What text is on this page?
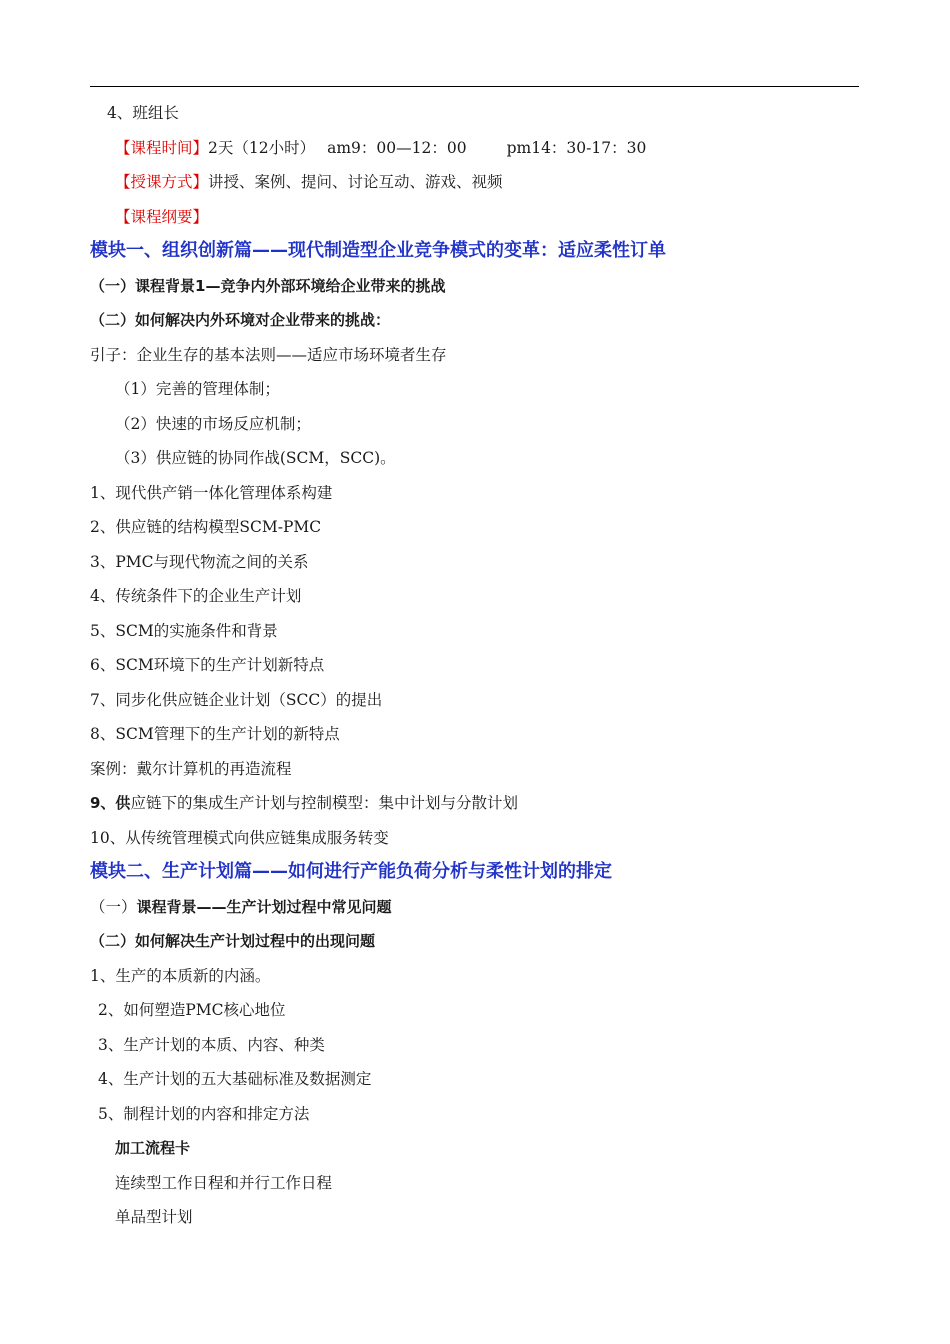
4、班组长
【课程时间】2天（12小时） am9：00—12：00	pm14：30-17：30
【授课方式】讲授、案例、提问、讨论互动、游戏、视频
【课程纲要】
模块一、组织创新篇——现代制造型企业竞争模式的变革：适应柔性订单
（一）课程背景1—竞争内外部环境给企业带来的挑战
（二）如何解决内外环境对企业带来的挑战：
引子：企业生存的基本法则——适应市场环境者生存
（1）完善的管理体制；
（2）快速的市场反应机制；
（3）供应链的协同作战(SCM，SCC)。
1、现代供产销一体化管理体系构建
2、供应链的结构模型SCM-PMC
3、PMC与现代物流之间的关系
4、传统条件下的企业生产计划
5、SCM的实施条件和背景
6、SCM环境下的生产计划新特点
7、同步化供应链企业计划（SCC）的提出
8、SCM管理下的生产计划的新特点
案例：戴尔计算机的再造流程
9、供应链下的集成生产计划与控制模型：集中计划与分散计划
10、从传统管理模式向供应链集成服务转变
模块二、生产计划篇——如何进行产能负荷分析与柔性计划的排定
（一）课程背景——生产计划过程中常见问题
（二）如何解决生产计划过程中的出现问题
1、生产的本质新的内涵。
2、如何塑造PMC核心地位
3、生产计划的本质、内容、种类
4、生产计划的五大基础标准及数据测定
5、制程计划的内容和排定方法
加工流程卡
连续型工作日程和并行工作日程
单品型计划
